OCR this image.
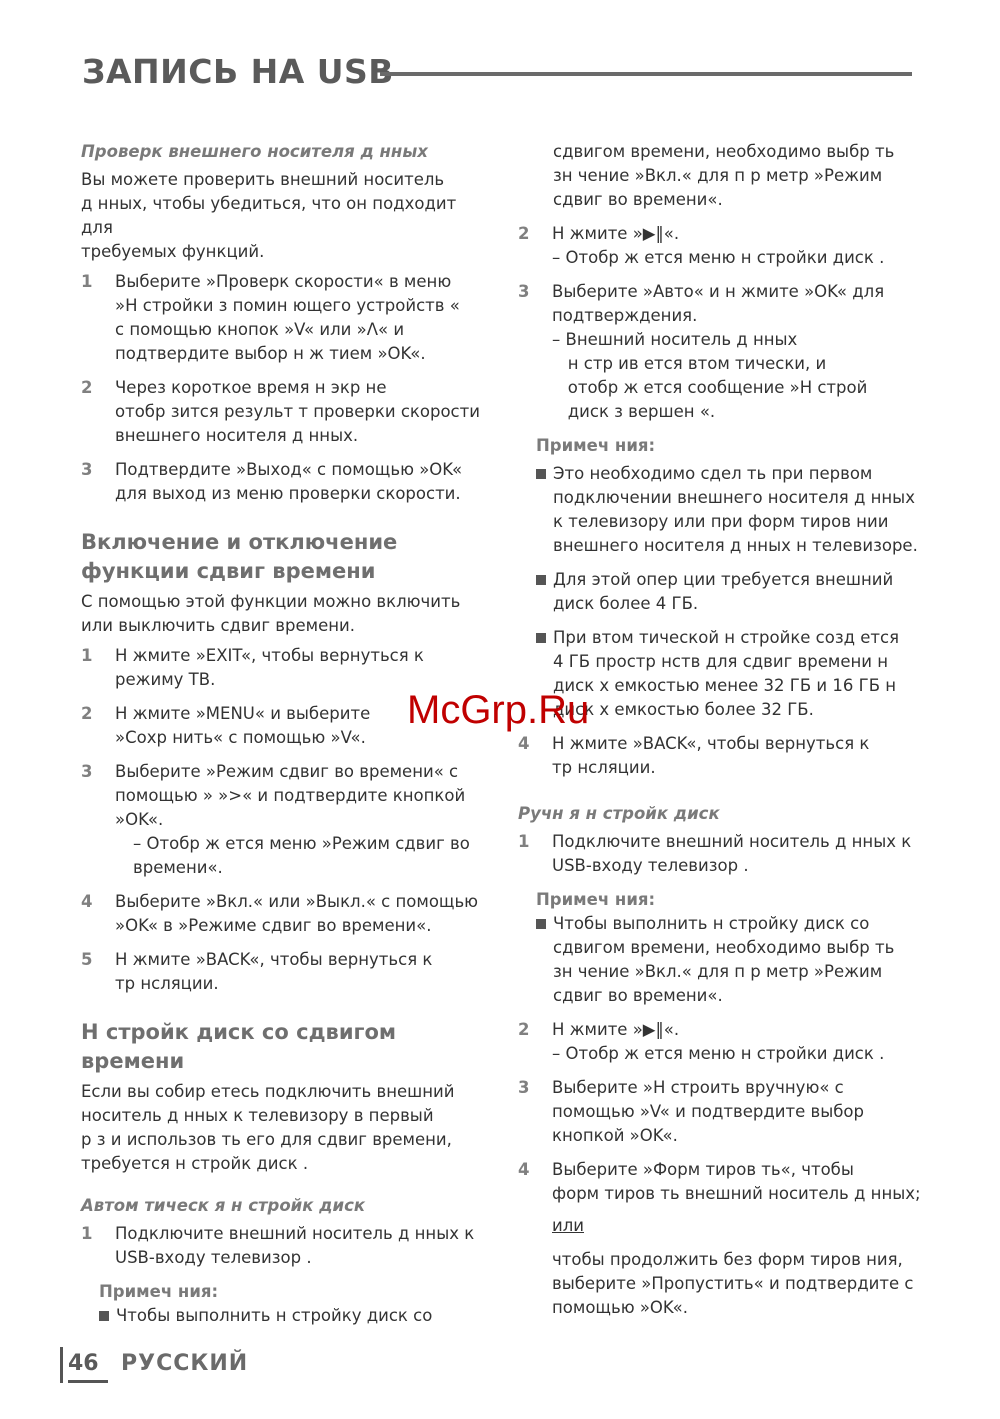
ЗАПИСЬ НА USB
Проверк внешнего носителя д нных

Вы можете проверить внешний носитель
д нных, чтобы убедиться, что он подходит для
требуемых функций.

1	Выберите »Проверк скорости« в меню
»Н стройки з помин ющего устройств «
с помощью кнопок »V« или »Λ« и
подтвердите выбор н ж тием »OK«.
2	Через короткое время н экр не
отобр зится результ т проверки скорости
внешнего носителя д нных.
3	Подтвердите »Выход« с помощью »OK«
для выход из меню проверки скорости.
Включение и отключение
функции сдвиг времени

С помощью этой функции можно включить
или выключить сдвиг времени.

1	Н жмите »EXIT«, чтобы вернуться к
режиму ТВ.
2	Н жмите »MENU« и выберите
»Сохр нить« с помощью »V«.
3	Выберите »Режим сдвиг во времени« с
помощью » »>« и подтвердите кнопкой
»OK«.
– Отобр ж ется меню »Режим сдвиг во
времени«.
4	Выберите »Вкл.« или »Выкл.« с помощью
»OK« в »Режиме сдвиг во времени«.
5	Н жмите »BACK«, чтобы вернуться к
тр нсляции.
Н стройк диск со сдвигом
времени

Если вы собир етесь подключить внешний
носитель д нных к телевизору в первый
р з и использов ть его для сдвиг времени,
требуется н стройк диск .

Автом тическ я н стройк диск
1	Подключите внешний носитель д нных к
USB-входу телевизор .
Примеч ния:
Чтобы выполнить н стройку диск со

сдвигом времени, необходимо выбр ть
зн чение »Вкл.« для п р метр »Режим
сдвиг во времени«.

2	Н жмите »▶‖«.
– Отобр ж ется меню н стройки диск .
3	Выберите »Авто« и н жмите »OK« для
подтверждения.
– Внешний носитель д нных
н стр ив ется втом тически, и
отобр ж ется сообщение »Н строй
диск з вершен «.
Примеч ния:
Это необходимо сдел ть при первом
подключении внешнего носителя д нных
к телевизору или при форм тиров нии
внешнего носителя д нных н телевизоре.
Для этой опер ции требуется внешний
диск более 4 ГБ.
При втом тической н стройке созд ется
4 ГБ простр нств для сдвиг времени н
диск х емкостью менее 32 ГБ и 16 ГБ н
диск х емкостью более 32 ГБ.
4	Н жмите »BACK«, чтобы вернуться к
тр нсляции.
Ручн я н стройк диск
1	Подключите внешний носитель д нных к
USB-входу телевизор .
Примеч ния:
Чтобы выполнить н стройку диск со
сдвигом времени, необходимо выбр ть
зн чение »Вкл.« для п р метр »Режим
сдвиг во времени«.
2	Н жмите »▶‖«.
– Отобр ж ется меню н стройки диск .
3	Выберите »Н строить вручную« с
помощью »V« и подтвердите выбор
кнопкой »OK«.
4	Выберите »Форм тиров ть«, чтобы
форм тиров ть внешний носитель д нных;
или
чтобы продолжить без форм тиров ния,
выберите »Пропустить« и подтвердите с
помощью »OK«.
McGrp.Ru
46 РУССКИЙ
